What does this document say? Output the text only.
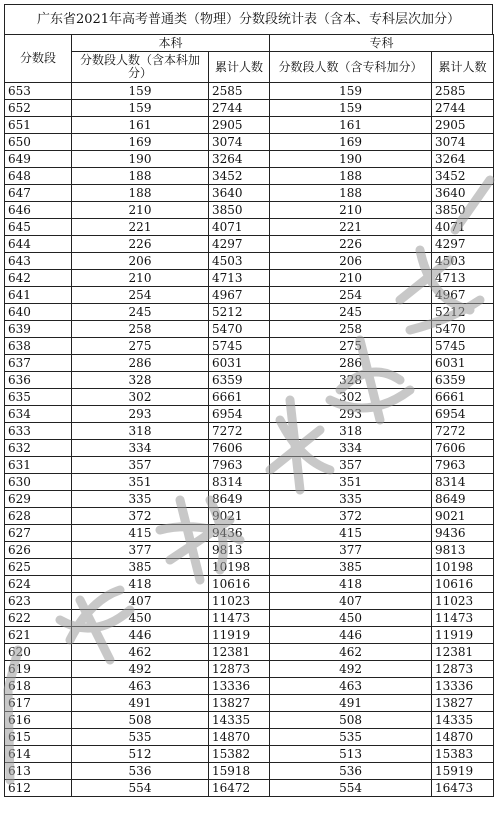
广东省2021年高考普通类（物理）分数段统计表（含本、专科层次加分）
分数段	本科		专科	
	分数段人数（含本科加分）	累计人数	分数段人数（含专科加分）	累计人数
653	159	2585	159	2585
652	159	2744	159	2744
651	161	2905	161	2905
650	169	3074	169	3074
649	190	3264	190	3264
648	188	3452	188	3452
647	188	3640	188	3640
646	210	3850	210	3850
645	221	4071	221	4071
644	226	4297	226	4297
643	206	4503	206	4503
642	210	4713	210	4713
641	254	4967	254	4967
640	245	5212	245	5212
639	258	5470	258	5470
638	275	5745	275	5745
637	286	6031	286	6031
636	328	6359	328	6359
635	302	6661	302	6661
634	293	6954	293	6954
633	318	7272	318	7272
632	334	7606	334	7606
631	357	7963	357	7963
630	351	8314	351	8314
629	335	8649	335	8649
628	372	9021	372	9021
627	415	9436	415	9436
626	377	9813	377	9813
625	385	10198	385	10198
624	418	10616	418	10616
623	407	11023	407	11023
622	450	11473	450	11473
621	446	11919	446	11919
620	462	12381	462	12381
619	492	12873	492	12873
618	463	13336	463	13336
617	491	13827	491	13827
616	508	14335	508	14335
615	535	14870	535	14870
614	512	15382	513	15383
613	536	15918	536	15919
612	554	16472	554	16473
